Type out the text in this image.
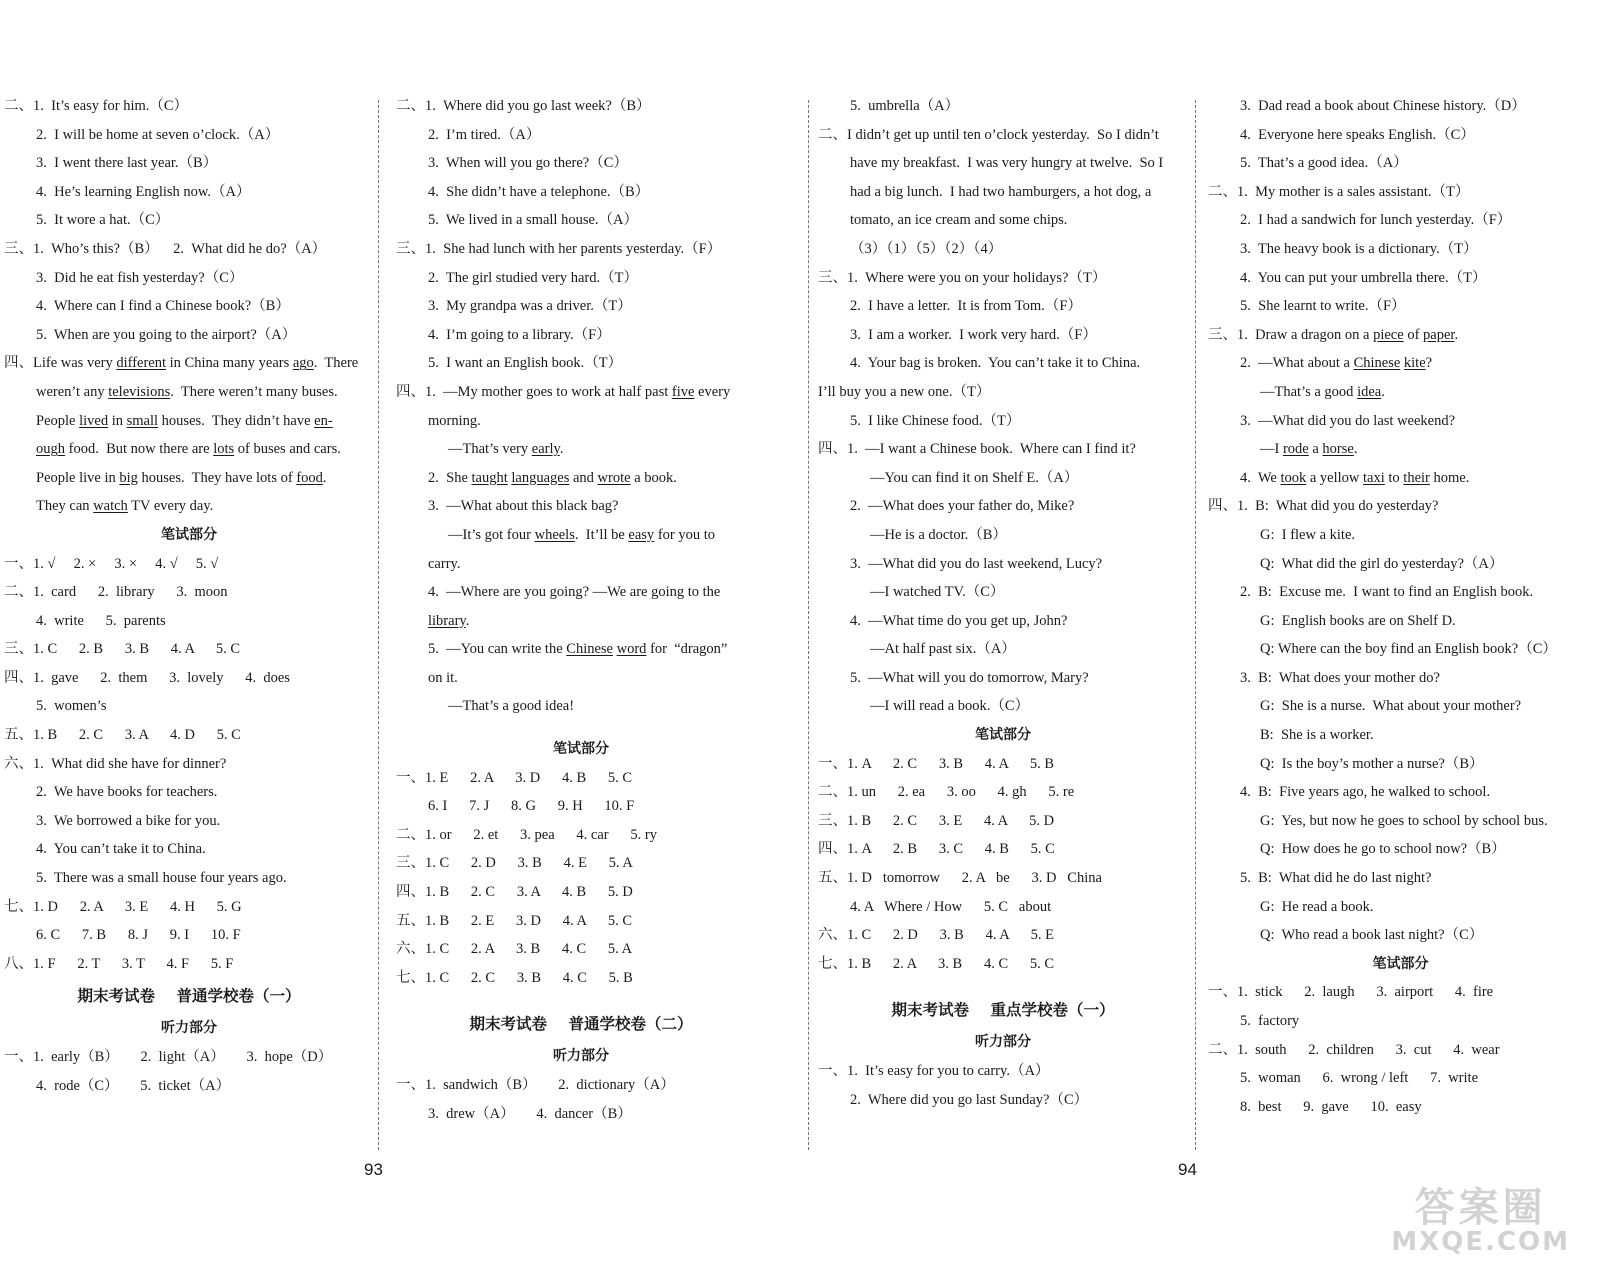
二、1.  It’s easy for him.（C）
2.  I will be home at seven o’clock.（A）
3.  I went there last year.（B）
4.  He’s learning English now.（A）
5.  It wore a hat.（C）
三、1.  Who’s this?（B）    2.  What did he do?（A）
3.  Did he eat fish yesterday?（C）
4.  Where can I find a Chinese book?（B）
5.  When are you going to the airport?（A）
四、Life was very different in China many years ago.  There
weren’t any televisions.  There weren’t many buses.
People lived in small houses.  They didn’t have en-
ough food.  But now there are lots of buses and cars.
People live in big houses.  They have lots of food.
They can watch TV every day.
笔试部分
一、1. √     2. ×     3. ×     4. √     5. √
二、1.  card      2.  library      3.  moon
4.  write      5.  parents
三、1. C      2. B      3. B      4. A      5. C
四、1.  gave      2.  them      3.  lovely      4.  does
5.  women’s
五、1. B      2. C      3. A      4. D      5. C
六、1.  What did she have for dinner?
2.  We have books for teachers.
3.  We borrowed a bike for you.
4.  You can’t take it to China.
5.  There was a small house four years ago.
七、1. D      2. A      3. E      4. H      5. G
6. C      7. B      8. J      9. I      10. F
八、1. F      2. T      3. T      4. F      5. F
期末考试卷    普通学校卷（一）
听力部分
一、1.  early（B）      2.  light（A）      3.  hope（D）
4.  rode（C）      5.  ticket（A）
二、1.  Where did you go last week?（B）
2.  I’m tired.（A）
3.  When will you go there?（C）
4.  She didn’t have a telephone.（B）
5.  We lived in a small house.（A）
三、1.  She had lunch with her parents yesterday.（F）
2.  The girl studied very hard.（T）
3.  My grandpa was a driver.（T）
4.  I’m going to a library.（F）
5.  I want an English book.（T）
四、1.  —My mother goes to work at half past five every
morning.
—That’s very early.
2.  She taught languages and wrote a book.
3.  —What about this black bag?
—It’s got four wheels.  It’ll be easy for you to
carry.
4.  —Where are you going? —We are going to the
library.
5.  —You can write the Chinese word for  “dragon”
on it.
—That’s a good idea!
笔试部分
一、1. E      2. A      3. D      4. B      5. C
6. I      7. J      8. G      9. H      10. F
二、1. or      2. et      3. pea      4. car      5. ry
三、1. C      2. D      3. B      4. E      5. A
四、1. B      2. C      3. A      4. B      5. D
五、1. B      2. E      3. D      4. A      5. C
六、1. C      2. A      3. B      4. C      5. A
七、1. C      2. C      3. B      4. C      5. B
期末考试卷    普通学校卷（二）
听力部分
一、1.  sandwich（B）      2.  dictionary（A）
3.  drew（A）      4.  dancer（B）
5.  umbrella（A）
二、I didn’t get up until ten o’clock yesterday.  So I didn’t
have my breakfast.  I was very hungry at twelve.  So I
had a big lunch.  I had two hamburgers, a hot dog, a
tomato, an ice cream and some chips.
（3）（1）（5）（2）（4）
三、1.  Where were you on your holidays?（T）
2.  I have a letter.  It is from Tom.（F）
3.  I am a worker.  I work very hard.（F）
4.  Your bag is broken.  You can’t take it to China.
I’ll buy you a new one.（T）
5.  I like Chinese food.（T）
四、1.  —I want a Chinese book.  Where can I find it?
—You can find it on Shelf E.（A）
2.  —What does your father do, Mike?
—He is a doctor.（B）
3.  —What did you do last weekend, Lucy?
—I watched TV.（C）
4.  —What time do you get up, John?
—At half past six.（A）
5.  —What will you do tomorrow, Mary?
—I will read a book.（C）
笔试部分
一、1. A      2. C      3. B      4. A      5. B
二、1. un      2. ea      3. oo      4. gh      5. re
三、1. B      2. C      3. E      4. A      5. D
四、1. A      2. B      3. C      4. B      5. C
五、1. D   tomorrow      2. A   be      3. D   China
4. A   Where / How      5. C   about
六、1. C      2. D      3. B      4. A      5. E
七、1. B      2. A      3. B      4. C      5. C
期末考试卷    重点学校卷（一）
听力部分
一、1.  It’s easy for you to carry.（A）
2.  Where did you go last Sunday?（C）
3.  Dad read a book about Chinese history.（D）
4.  Everyone here speaks English.（C）
5.  That’s a good idea.（A）
二、1.  My mother is a sales assistant.（T）
2.  I had a sandwich for lunch yesterday.（F）
3.  The heavy book is a dictionary.（T）
4.  You can put your umbrella there.（T）
5.  She learnt to write.（F）
三、1.  Draw a dragon on a piece of paper.
2.  —What about a Chinese kite?
—That’s a good idea.
3.  —What did you do last weekend?
—I rode a horse.
4.  We took a yellow taxi to their home.
四、1.  B:  What did you do yesterday?
G:  I flew a kite.
Q:  What did the girl do yesterday?（A）
2.  B:  Excuse me.  I want to find an English book.
G:  English books are on Shelf D.
Q: Where can the boy find an English book?（C）
3.  B:  What does your mother do?
G:  She is a nurse.  What about your mother?
B:  She is a worker.
Q:  Is the boy’s mother a nurse?（B）
4.  B:  Five years ago, he walked to school.
G:  Yes, but now he goes to school by school bus.
Q:  How does he go to school now?（B）
5.  B:  What did he do last night?
G:  He read a book.
Q:  Who read a book last night?（C）
笔试部分
一、1.  stick      2.  laugh      3.  airport      4.  fire
5.  factory
二、1.  south      2.  children      3.  cut      4.  wear
5.  woman      6.  wrong / left      7.  write
8.  best      9.  gave      10.  easy
93	94
答案圈
MXQE.COM
